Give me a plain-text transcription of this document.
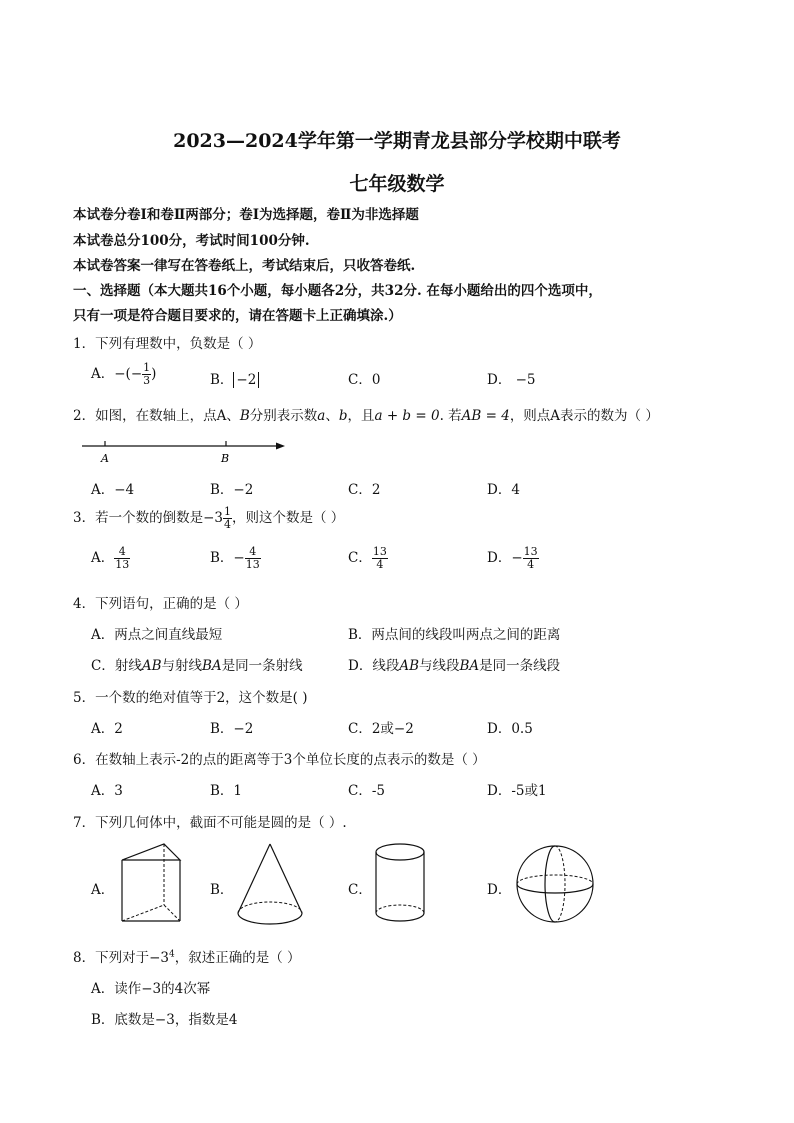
2023—2024学年第一学期青龙县部分学校期中联考
七年级数学
本试卷分卷Ⅰ和卷Ⅱ两部分；卷Ⅰ为选择题，卷Ⅱ为非选择题
本试卷总分100分，考试时间100分钟.
本试卷答案一律写在答卷纸上，考试结束后，只收答卷纸.
一、选择题（本大题共16个小题，每小题各2分，共32分. 在每小题给出的四个选项中，
只有一项是符合题目要求的，请在答题卡上正确填涂.）
1．下列有理数中，负数是（ ）
A．−(− $\frac{1}{3}$ )	B． −2	C．0	D． −5
2．如图，在数轴上，点A、B分别表示数a、b，且a + b = 0. 若AB = 4，则点A表示的数为（ ）
A	B
A．−4	B．−2	C．2	D．4
3．若一个数的倒数是$-3 \frac{1}{4}$ ，则这个数是（ ）
A． $\frac{4}{13}$	B．− $\frac{4}{13}$	C． $\frac{13}{4}$	D．− $\frac{13}{4}$
4．下列语句，正确的是（ ）
A．两点之间直线最短	B．两点间的线段叫两点之间的距离
C．射线AB与射线BA是同一条射线	D．线段AB与线段BA是同一条线段
5．一个数的绝对值等于2，这个数是( )
A．2	B．−2	C．2或−2	D．0.5
6．在数轴上表示-2的点的距离等于3个单位长度的点表示的数是（ ）
A．3	B．1	C．-5	D．-5或1
7．下列几何体中，截面不可能是圆的是（ ）.
A．	B．	C．	D．
8．下列对于$-3^4$，叙述正确的是（ ）
A．读作−3的4次幂
B．底数是−3，指数是4
